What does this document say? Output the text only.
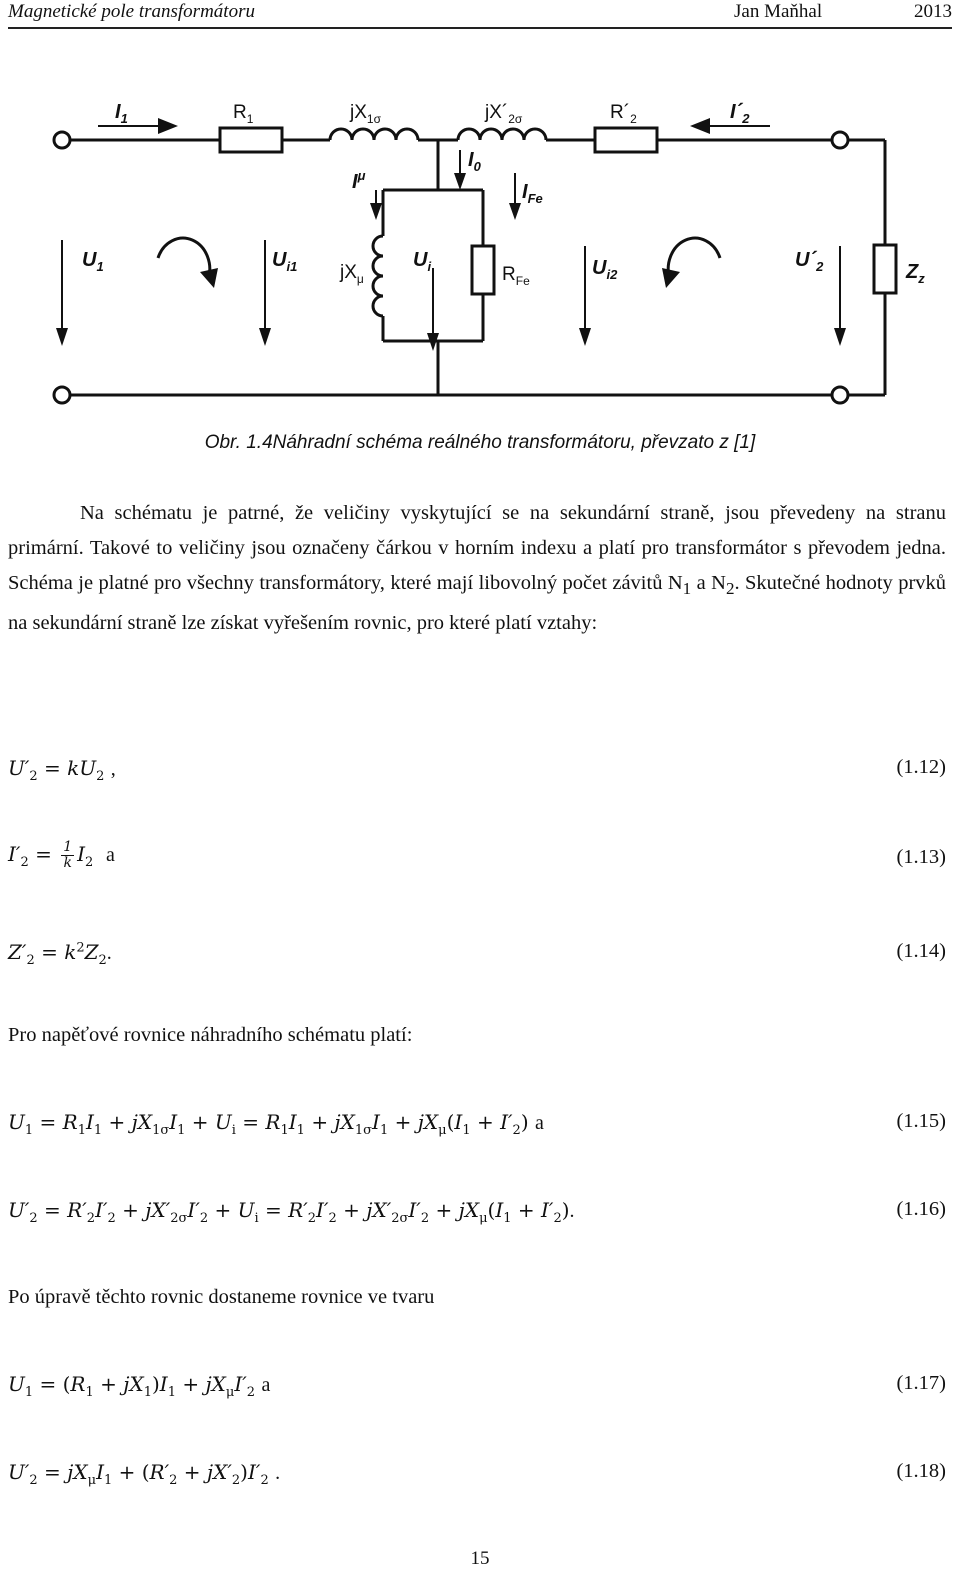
Magnetické pole transformátoru	Jan Maňhal	2013
$I_1$	$R_1$	$jX_{1\sigma}$	$jX´_{2\sigma}$	$R´_2$	$I´_2$
$I_0$
$I^\mu$
$I_{Fe}$
$U_1$	$U_{i1}$ $jX_\mu$
$U_i$	$R_{Fe}$
$U_{i2}$
$U´_2$	$Z_z$
Obr. 1.4Náhradní schéma reálného transformátoru, převzato z [1]

Na schématu je patrné, že veličiny vyskytující se na sekundární straně, jsou převedeny na stranu primární. Takové to veličiny jsou označeny čárkou v horním indexu a platí pro transformátor s převodem jedna. Schéma je platné pro všechny transformátory, které mají libovolný počet závitů $N_1$ a $N_2$. Skutečné hodnoty prvků na sekundární straně lze získat vyřešením rovnic, pro které platí vztahy:

$U'_2 = kU_2$ ,	(1.12)
$I'_2 = \frac{1}{k} I_2$ a	(1.13)
$Z'_2 = k^2Z_2$.	(1.14)
Pro napěťové rovnice náhradního schématu platí:
$U_1 = R_1I_1 + jX_{1\sigma}I_1 + U_i = R_1I_1 + jX_{1\sigma}I_1 + jX_\mu(I_1 + I'_2)$ a	(1.15)
$U'_2 = R'_2I'_2 + jX'_{2\sigma}I'_2 + U_i = R'_2I'_2 + jX'_{2\sigma}I'_2 + jX_\mu(I_1 + I'_2)$.	(1.16)
Po úpravě těchto rovnic dostaneme rovnice ve tvaru
$U_1 = (R_1 + jX_1)I_1 + jX_\mu I'_2$ a	(1.17)
$U'_2 = jX_\mu I_1 + (R'_2 + jX'_2)I'_2$ .	(1.18)
15
